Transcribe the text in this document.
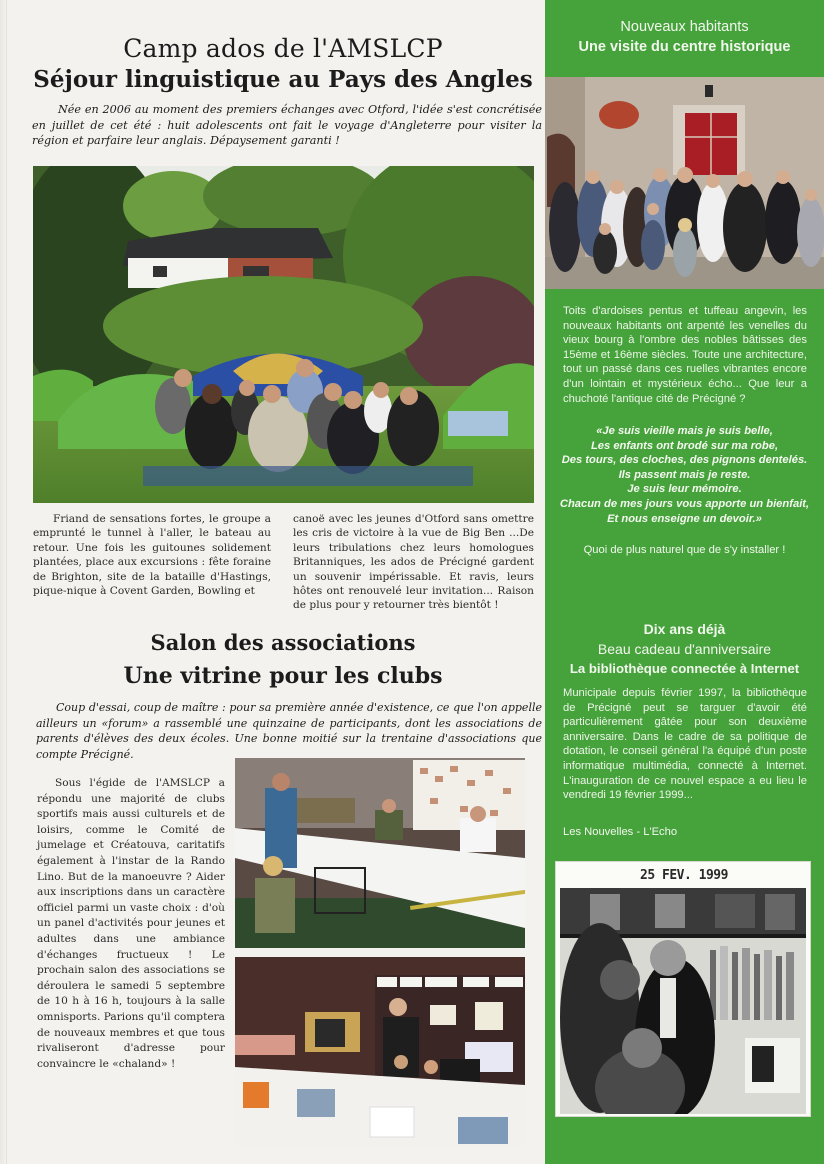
Camp ados de l'AMSLCP
Séjour linguistique au Pays des Angles

Née en 2006 au moment des premiers échanges avec Otford, l'idée s'est concrétisée en juillet de cet été : huit adolescents ont fait le voyage d'Angleterre pour visiter la région et parfaire leur anglais. Dépaysement garanti !

Friand de sensations fortes, le groupe a emprunté le tunnel à l'aller, le bateau au retour. Une fois les guitounes solidement plantées, place aux excursions : fête foraine de Brighton, site de la bataille d'Hastings, pique-nique à Covent Garden, Bowling et

canoë avec les jeunes d'Otford sans omettre les cris de victoire à la vue de Big Ben ...De leurs tribulations chez leurs homologues Britanniques, les ados de Précigné gardent un souvenir impérissable. Et ravis, leurs hôtes ont renouvelé leur invitation... Raison de plus pour y retourner très bientôt !

Salon des associations
Une vitrine pour les clubs

Coup d'essai, coup de maître : pour sa première année d'existence, ce que l'on appelle ailleurs un «forum» a rassemblé une quinzaine de participants, dont les associations de parents d'élèves des deux écoles. Une bonne moitié sur la trentaine d'associations que compte Précigné.

Sous l'égide de l'AMSLCP a répondu une majorité de clubs sportifs mais aussi culturels et de loisirs, comme le Comité de jumelage et Créatouva, caritatifs également à l'instar de la Rando Lino. But de la manoeuvre ? Aider aux inscriptions dans un caractère officiel parmi un vaste choix : d'où un panel d'activités pour jeunes et adultes dans une ambiance d'échanges fructueux ! Le prochain salon des associations se déroulera le samedi 5 septembre de 10 h à 16 h, toujours à la salle omnisports. Parions qu'il comptera de nouveaux membres et que tous rivaliseront d'adresse pour convaincre le «chaland» !

Nouveaux habitants
Une visite du centre historique

Toits d'ardoises pentus et tuffeau angevin, les nouveaux habitants ont arpenté les venelles du vieux bourg à l'ombre des nobles bâtisses des 15ème et 16ème siècles. Toute une architecture, tout un passé dans ces ruelles vibrantes encore d'un lointain et mystérieux écho... Que leur a chuchoté l'antique cité de Précigné ?

«Je suis vieille mais je suis belle,
Les enfants ont brodé sur ma robe,
Des tours, des cloches, des pignons dentelés.
Ils passent mais je reste.
Je suis leur mémoire.
Chacun de mes jours vous apporte un bienfait,
Et nous enseigne un devoir.»
Quoi de plus naturel que de s'y installer !
Dix ans déjà
Beau cadeau d'anniversaire
La bibliothèque connectée à Internet

Municipale depuis février 1997, la bibliothèque de Précigné peut se targuer d'avoir été particulièrement gâtée pour son deuxième anniversaire. Dans le cadre de sa politique de dotation, le conseil général l'a équipé d'un poste informatique multimédia, connecté à Internet. L'inauguration de ce nouvel espace a eu lieu le vendredi 19 février 1999...

Les Nouvelles - L'Echo
25 FEV. 1999
